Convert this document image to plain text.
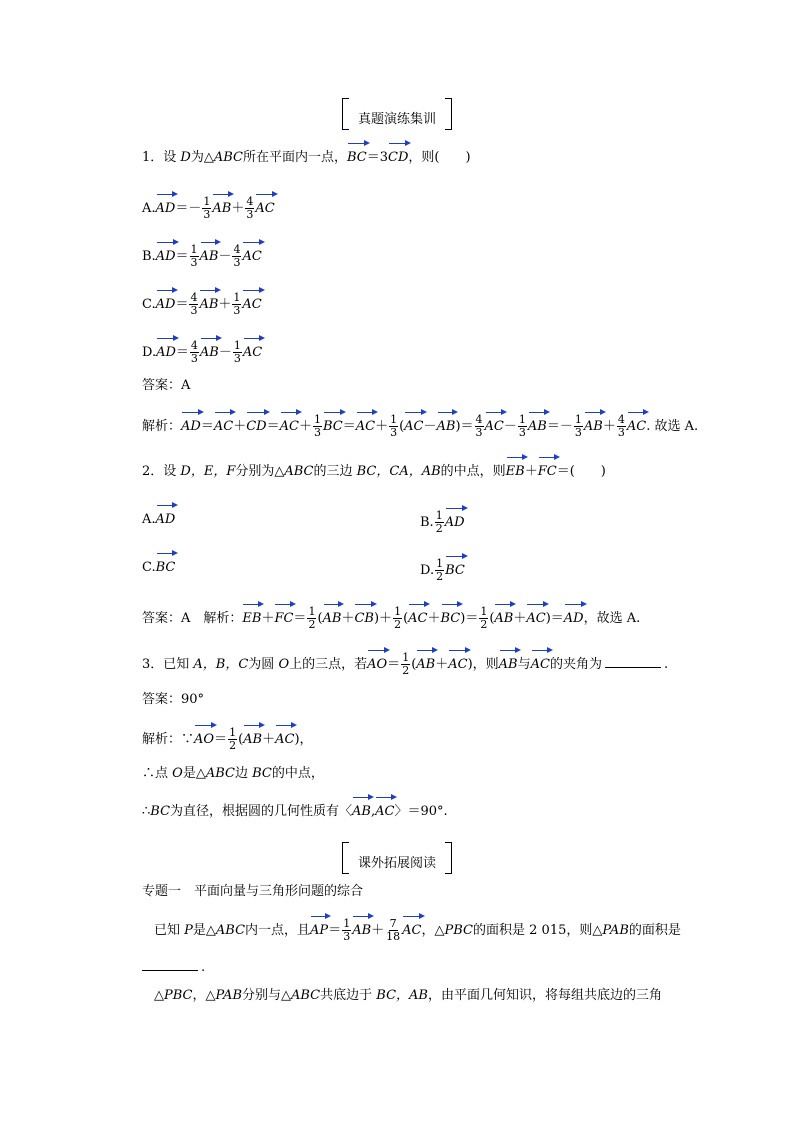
真题演练集训
1．设 D为△ABC所在平面内一点，BC＝3CD，则(　　)
$A.AD=- \frac{1}{3} AB+ \frac{4}{3}$ AC
$B.AD= \frac{1}{3} AB- \frac{4}{3}$ AC
$C.AD= \frac{4}{3} AB+ \frac{1}{3}$ AC
$D.AD= \frac{4}{3} AB- \frac{1}{3}$ AC
答案：A
解析：$AD=AC+CD=AC+ \frac{1}{3} BC=AC+ \frac{1}{3} (AC-AB)= \frac{4}{3} AC- \frac{1}{3} AB=- \frac{1}{3} AB+ \frac{4}{3}$ AC. 故选 A.
2．设 D，E，F分别为△ABC的三边 BC，CA，AB的中点，则EB＋FC＝(　　)
A.AD	B. $\frac{1}{2}$ AD
C.BC	D. $\frac{1}{2}$ BC
答案：A　解析：$EB+FC= \frac{1}{2} (AB+CB)+ \frac{1}{2} (AC+BC)= \frac{1}{2} (AB+AC)=AD$，故选 A.
3．已知 A，B，C为圆 O上的三点，若$AO= \frac{1}{2} (AB+AC)$，则AB与AC的夹角为	.
答案：90°
解析：∵AO＝ $\frac{1}{2} (AB+AC)$，
∴点 O是△ABC边 BC的中点，
∴BC为直径，根据圆的几何性质有〈AB,AC〉＝90°.
课外拓展阅读
专题一　平面向量与三角形问题的综合
已知 P是△ABC内一点，且$AP= \frac{1}{3} AB+ \frac{7}{18}$ AC，△PBC的面积是 2 015，则△PAB的面积是
.
△PBC，△PAB分别与△ABC共底边于 BC，AB，由平面几何知识，将每组共底边的三角
